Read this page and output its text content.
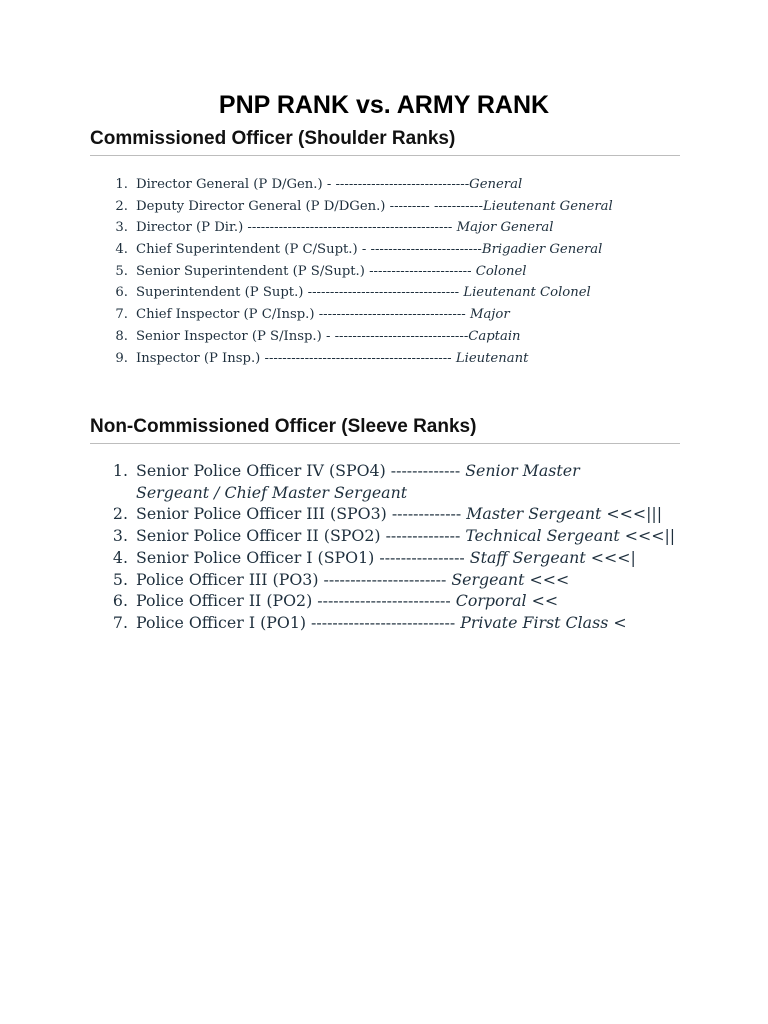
PNP RANK vs. ARMY RANK
Commissioned Officer (Shoulder Ranks)
1. Director General (P D/Gen.) - ------------------------------General
2. Deputy Director General (P D/DGen.) --------- -----------Lieutenant General
3. Director (P Dir.) ---------------------------------------------- Major General
4. Chief Superintendent (P C/Supt.) - -------------------------Brigadier General
5. Senior Superintendent (P S/Supt.) ----------------------- Colonel
6. Superintendent (P Supt.) ---------------------------------- Lieutenant Colonel
7. Chief Inspector (P C/Insp.) --------------------------------- Major
8. Senior Inspector (P S/Insp.) - ------------------------------Captain
9. Inspector (P Insp.) ------------------------------------------ Lieutenant
Non-Commissioned Officer (Sleeve Ranks)
1. Senior Police Officer IV (SPO4) ------------- Senior Master Sergeant / Chief Master Sergeant
2. Senior Police Officer III (SPO3) ------------- Master Sergeant <<<|||
3. Senior Police Officer II (SPO2) -------------- Technical Sergeant <<<||
4. Senior Police Officer I (SPO1) ---------------- Staff Sergeant <<<|
5. Police Officer III (PO3) ----------------------- Sergeant <<<
6. Police Officer II (PO2) ------------------------- Corporal <<
7. Police Officer I (PO1) --------------------------- Private First Class <
